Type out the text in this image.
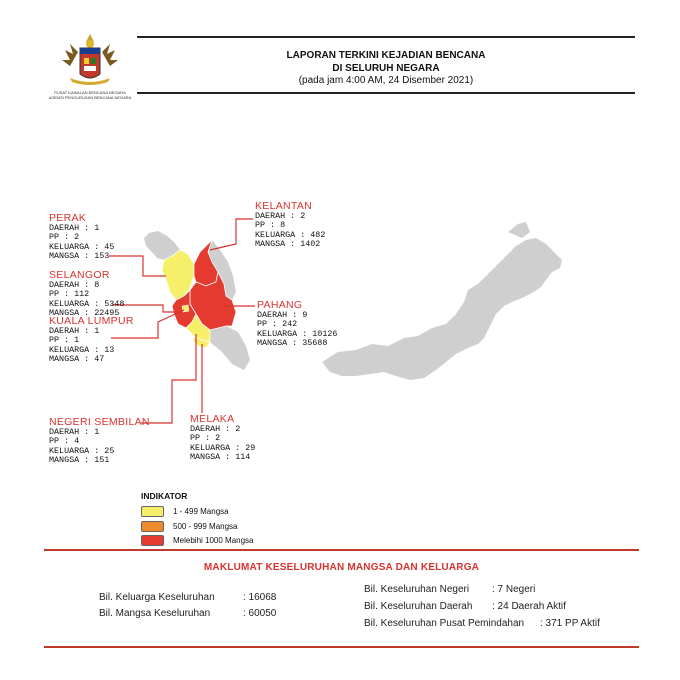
PUSAT KAWALAN BENCANA NEGARA
AGENSI PENGURUSAN BENCANA NEGARA
LAPORAN TERKINI KEJADIAN BENCANA
DI SELURUH NEGARA
(pada jam 4:00 AM, 24 Disember 2021)
PERAK
DAERAH : 1
PP : 2
KELUARGA : 45
MANGSA : 153
SELANGOR
DAERAH : 8
PP : 112
KELUARGA : 5348
MANGSA : 22495
KUALA LUMPUR
DAERAH : 1
PP : 1
KELUARGA : 13
MANGSA : 47
NEGERI SEMBILAN
DAERAH : 1
PP : 4
KELUARGA : 25
MANGSA : 151
MELAKA
DAERAH : 2
PP : 2
KELUARGA : 29
MANGSA : 114
KELANTAN
DAERAH : 2
PP : 8
KELUARGA : 482
MANGSA : 1402
PAHANG
DAERAH : 9
PP : 242
KELUARGA : 10126
MANGSA : 35688
INDIKATOR
1 - 499 Mangsa
500 - 999 Mangsa
Melebihi 1000 Mangsa
MAKLUMAT KESELURUHAN MANGSA DAN KELUARGA
Bil. Keluarga Keseluruhan	: 16068
Bil. Mangsa Keseluruhan	: 60050
Bil. Keseluruhan Negeri : 7 Negeri
Bil. Keseluruhan Daerah : 24 Daerah Aktif
Bil. Keseluruhan Pusat Pemindahan : 371 PP Aktif
